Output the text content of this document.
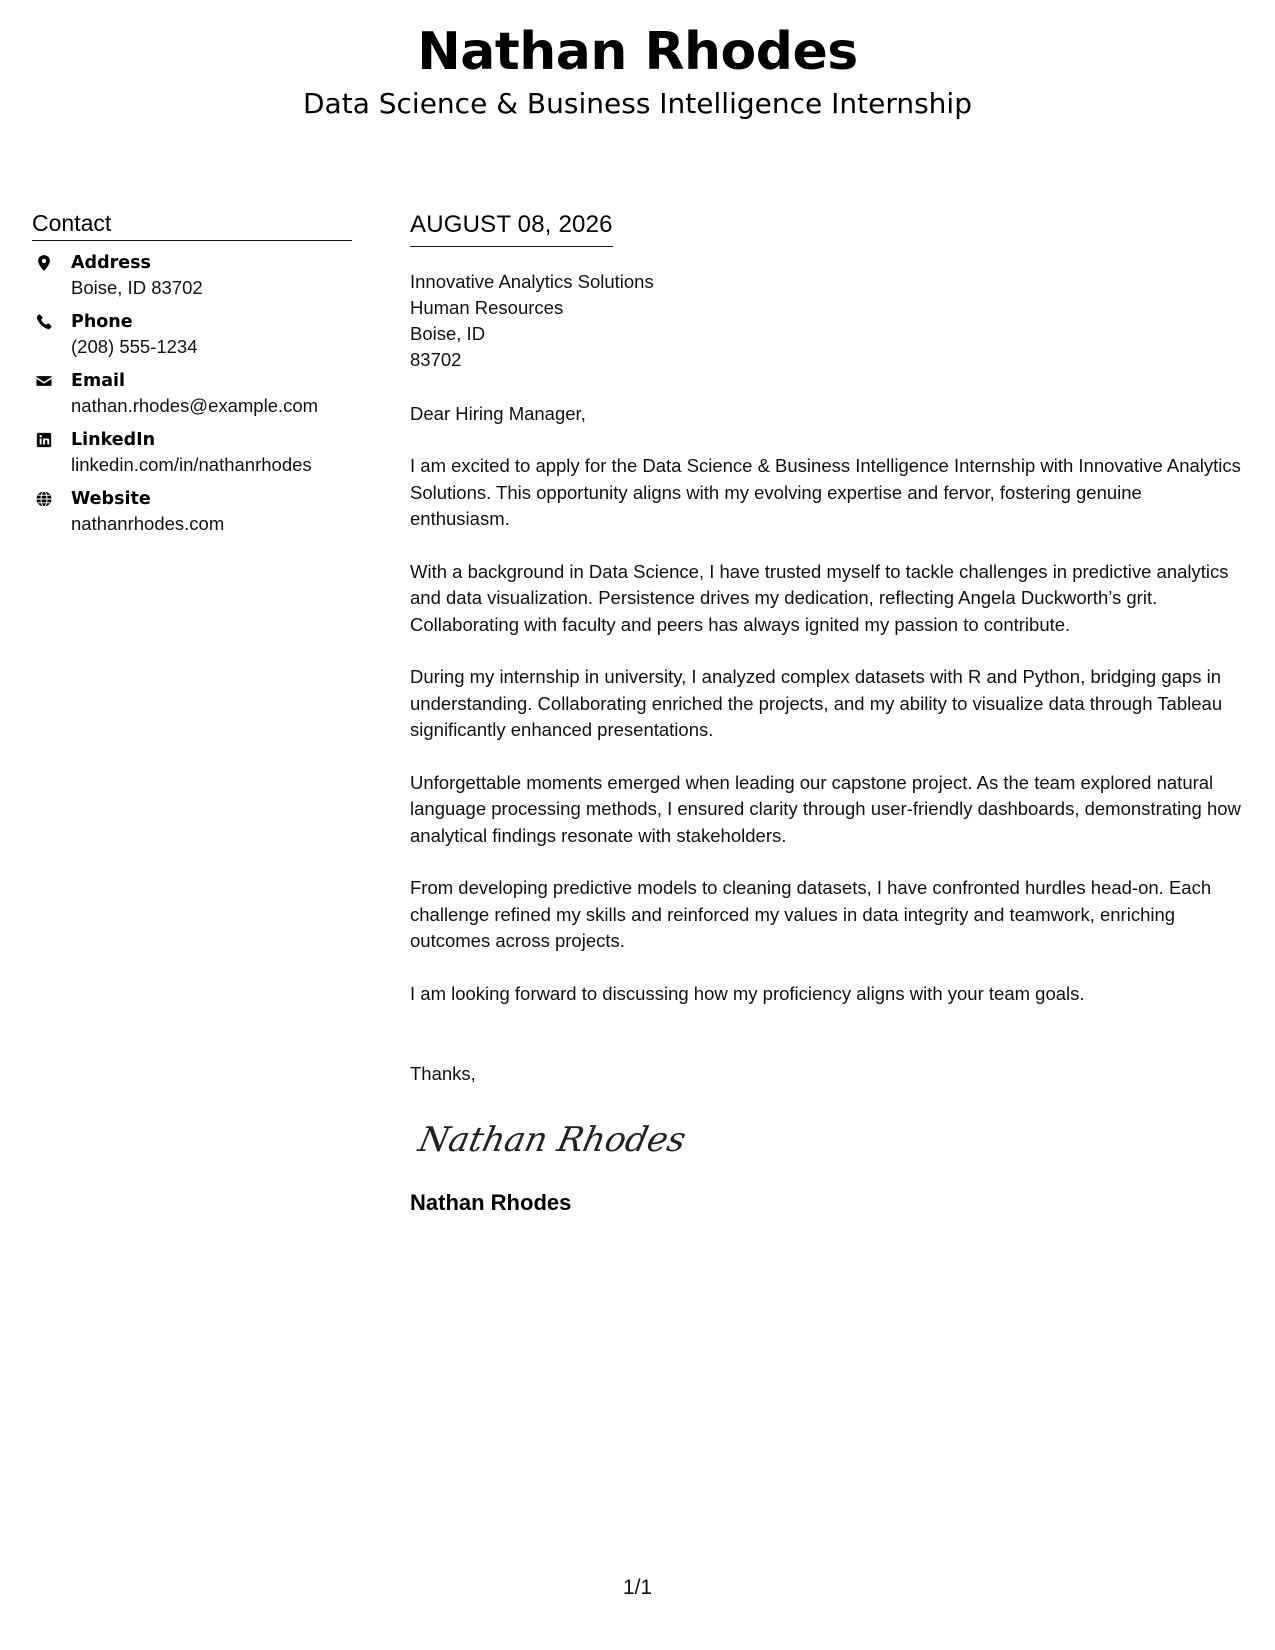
Nathan Rhodes
Data Science & Business Intelligence Internship
Contact
Address
Boise, ID 83702
Phone
(208) 555-1234
Email
nathan.rhodes@example.com
LinkedIn
linkedin.com/in/nathanrhodes
Website
nathanrhodes.com
AUGUST 08, 2026
Innovative Analytics Solutions
Human Resources
Boise, ID
83702
Dear Hiring Manager,
I am excited to apply for the Data Science & Business Intelligence Internship with Innovative Analytics Solutions. This opportunity aligns with my evolving expertise and fervor, fostering genuine enthusiasm.
With a background in Data Science, I have trusted myself to tackle challenges in predictive analytics and data visualization. Persistence drives my dedication, reflecting Angela Duckworth’s grit. Collaborating with faculty and peers has always ignited my passion to contribute.
During my internship in university, I analyzed complex datasets with R and Python, bridging gaps in understanding. Collaborating enriched the projects, and my ability to visualize data through Tableau significantly enhanced presentations.
Unforgettable moments emerged when leading our capstone project. As the team explored natural language processing methods, I ensured clarity through user-friendly dashboards, demonstrating how analytical findings resonate with stakeholders.
From developing predictive models to cleaning datasets, I have confronted hurdles head-on. Each challenge refined my skills and reinforced my values in data integrity and teamwork, enriching outcomes across projects.
I am looking forward to discussing how my proficiency aligns with your team goals.
Thanks,
Nathan Rhodes
Nathan Rhodes
1/1
